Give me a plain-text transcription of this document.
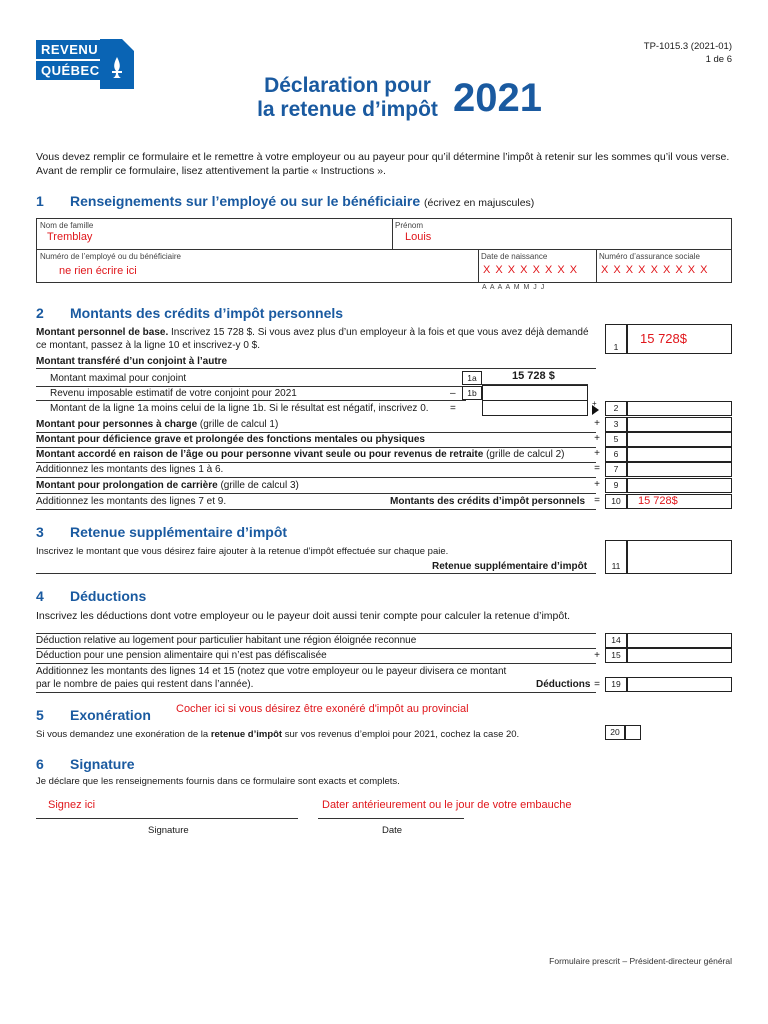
REVENU
QUÉBEC
Déclaration pour
la retenue d’impôt 2021
TP-1015.3 (2021-01)
1 de 6
Vous devez remplir ce formulaire et le remettre à votre employeur ou au payeur pour qu’il détermine l’impôt à retenir sur les sommes qu’il vous verse.
Avant de remplir ce formulaire, lisez attentivement la partie « Instructions ».
1 Renseignements sur l’employé ou sur le bénéficiaire (écrivez en majuscules)
Nom de famille
Tremblay
Prénom
Louis
Numéro de l’employé ou du bénéficiaire
ne rien écrire ici
Date de naissance
X X X X X X X X
Numéro d’assurance sociale
X X X X X X X X X
A A A A M M J J
2 Montants des crédits d’impôt personnels
Montant personnel de base. Inscrivez 15 728 $. Si vous avez plus d’un employeur à la fois et que vous avez déjà demandé
ce montant, passez à la ligne 10 et inscrivez-y 0 $.	1
15 728$
Montant transféré d’un conjoint à l’autre
Montant maximal pour conjoint	1a	15 728 $
Revenu imposable estimatif de votre conjoint pour 2021	–	1b
Montant de la ligne 1a moins celui de la ligne 1b. Si le résultat est négatif, inscrivez 0. =	+	2
Montant pour personnes à charge (grille de calcul 1)	+	3
Montant pour déficience grave et prolongée des fonctions mentales ou physiques	+	5
Montant accordé en raison de l’âge ou pour personne vivant seule ou pour revenus de retraite (grille de calcul 2)	+	6
Additionnez les montants des lignes 1 à 6.	=	7
Montant pour prolongation de carrière (grille de calcul 3)	+	9
Additionnez les montants des lignes 7 et 9.	Montants des crédits d’impôt personnels =	10	15 728$
3 Retenue supplémentaire d’impôt
Inscrivez le montant que vous désirez faire ajouter à la retenue d’impôt effectuée sur chaque paie.
Retenue supplémentaire d’impôt	11
4 Déductions
Inscrivez les déductions dont votre employeur ou le payeur doit aussi tenir compte pour calculer la retenue d’impôt.
Déduction relative au logement pour particulier habitant une région éloignée reconnue	14
Déduction pour une pension alimentaire qui n’est pas défiscalisée	+	15
Additionnez les montants des lignes 14 et 15 (notez que votre employeur ou le payeur divisera ce montant
par le nombre de paies qui restent dans l’année).	Déductions =	19
5 Exonération Cocher ici si vous désirez être exonéré d'impôt au provincial
Si vous demandez une exonération de la retenue d’impôt sur vos revenus d’emploi pour 2021, cochez la case 20.	20
6 Signature
Je déclare que les renseignements fournis dans ce formulaire sont exacts et complets.
Signez ici	Dater antérieurement ou le jour de votre embauche
Signature	Date
Formulaire prescrit – Président-directeur général
